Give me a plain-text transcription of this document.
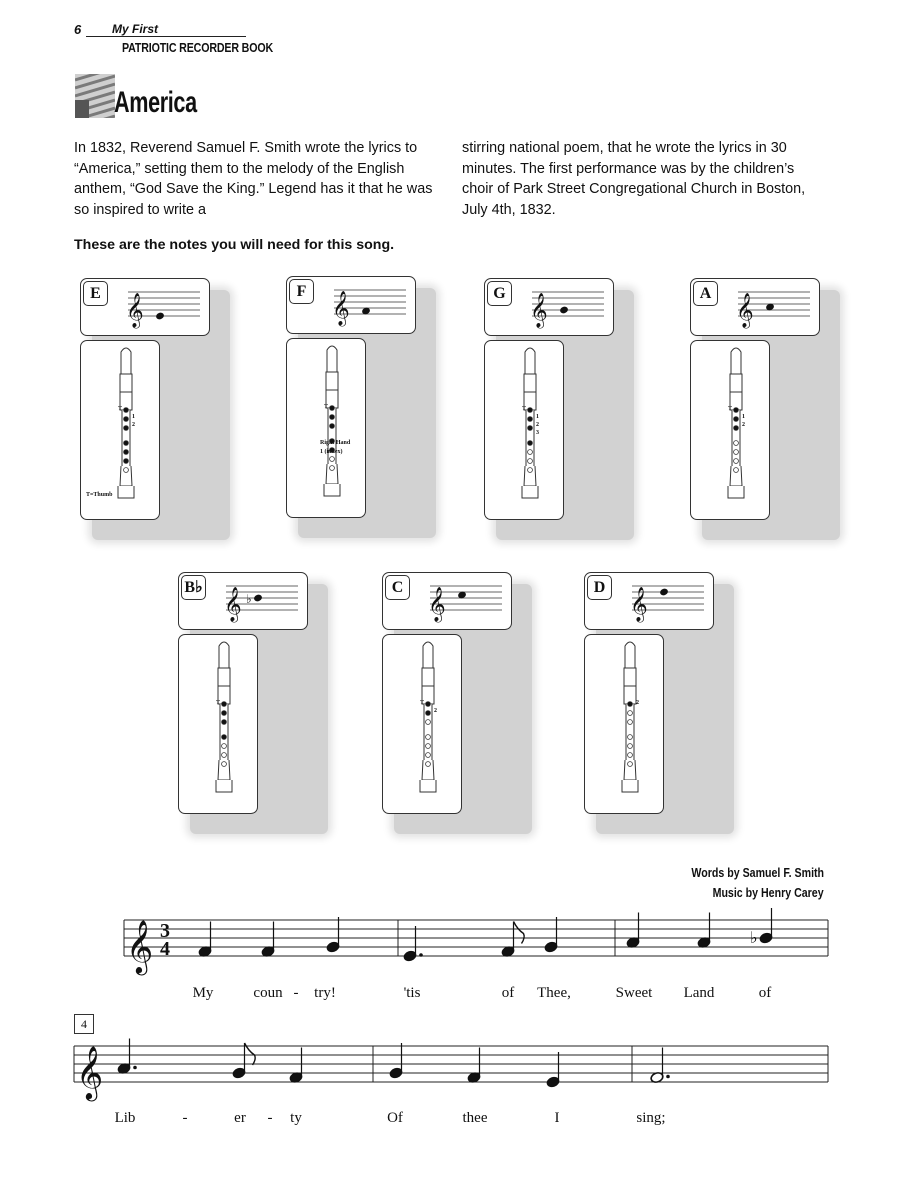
6	My First
PATRIOTIC RECORDER BOOK
America
In 1832, Reverend Samuel F. Smith wrote the lyrics to “America,” setting them to the melody of the English anthem, “God Save the King.” Legend has it that he was so inspired to write a
stirring national poem, that he wrote the lyrics in 30 minutes. The first performance was by the children’s choir of Park Street Congregational Church in Boston, July 4th, 1832.
These are the notes you will need for this song.
E 𝄞
T
1
2
T=Thumb
F 𝄞
T
Right Hand
1 (index)
G 𝄞
T
1
2
3
A 𝄞
T
1
2
B♭ 𝄞 ♭
T
C 𝄞
T
2
D 𝄞
2
Words by Samuel F. Smith
Music by Henry Carey
𝄞
𝄞
3
4
♭
4
My	coun - try!	'tis	of Thee,	Sweet Land	of
Lib	-	er - ty	Of	thee	I	sing;
